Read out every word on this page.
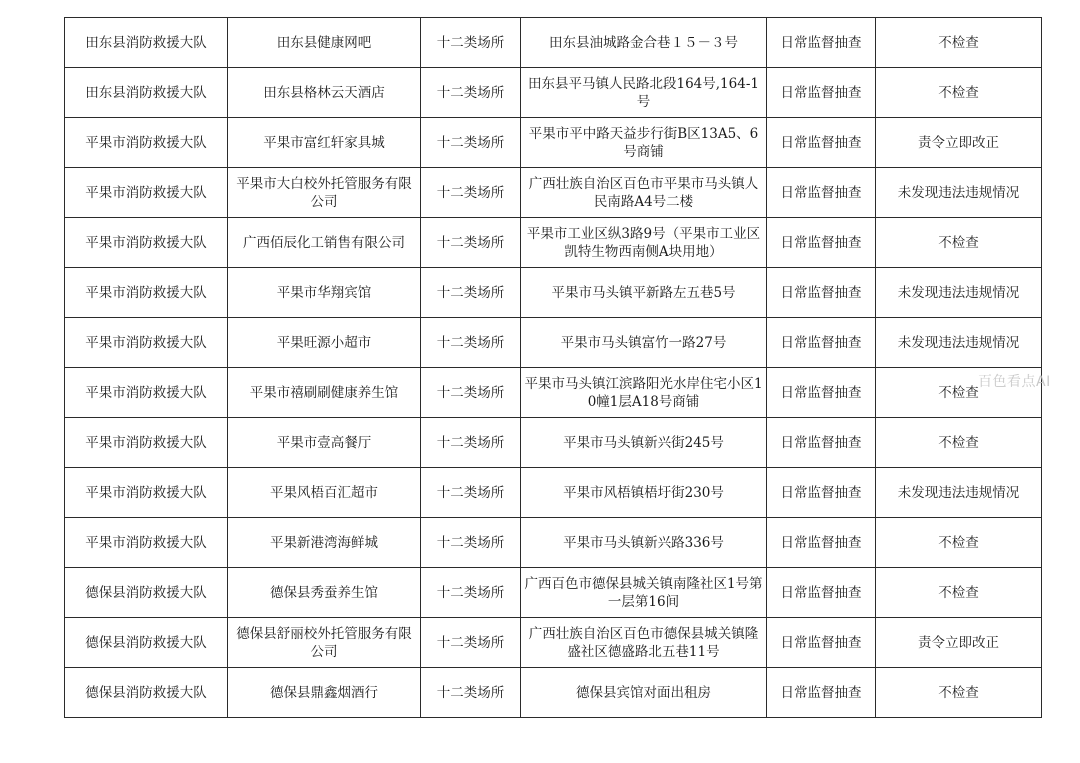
田东县消防救援大队	田东县健康网吧	十二类场所	田东县油城路金合巷１５－３号	日常监督抽查	不检查
田东县消防救援大队	田东县格林云天酒店	十二类场所	田东县平马镇人民路北段164号,164-1号	日常监督抽查	不检查
平果市消防救援大队	平果市富红轩家具城	十二类场所	平果市平中路天益步行街B区13A5、6号商铺	日常监督抽查	责令立即改正
平果市消防救援大队	平果市大白校外托管服务有限公司	十二类场所	广西壮族自治区百色市平果市马头镇人民南路A4号二楼	日常监督抽查	未发现违法违规情况
平果市消防救援大队	广西佰辰化工销售有限公司	十二类场所	平果市工业区纵3路9号（平果市工业区凯特生物西南侧A块用地）	日常监督抽查	不检查
平果市消防救援大队	平果市华翔宾馆	十二类场所	平果市马头镇平新路左五巷5号	日常监督抽查	未发现违法违规情况
平果市消防救援大队	平果旺源小超市	十二类场所	平果市马头镇富竹一路27号	日常监督抽查	未发现违法违规情况
平果市消防救援大队	平果市禧刷刷健康养生馆	十二类场所	平果市马头镇江滨路阳光水岸住宅小区10幢1层A18号商铺	日常监督抽查	不检查
平果市消防救援大队	平果市壹高餐厅	十二类场所	平果市马头镇新兴街245号	日常监督抽查	不检查
平果市消防救援大队	平果风梧百汇超市	十二类场所	平果市风梧镇梧圩街230号	日常监督抽查	未发现违法违规情况
平果市消防救援大队	平果新港湾海鲜城	十二类场所	平果市马头镇新兴路336号	日常监督抽查	不检查
德保县消防救援大队	德保县秀蚕养生馆	十二类场所	广西百色市德保县城关镇南隆社区1号第一层第16间	日常监督抽查	不检查
德保县消防救援大队	德保县舒丽校外托管服务有限公司	十二类场所	广西壮族自治区百色市德保县城关镇隆盛社区德盛路北五巷11号	日常监督抽查	责令立即改正
德保县消防救援大队	德保县鼎鑫烟酒行	十二类场所	德保县宾馆对面出租房	日常监督抽查	不检查
百色看点AI
